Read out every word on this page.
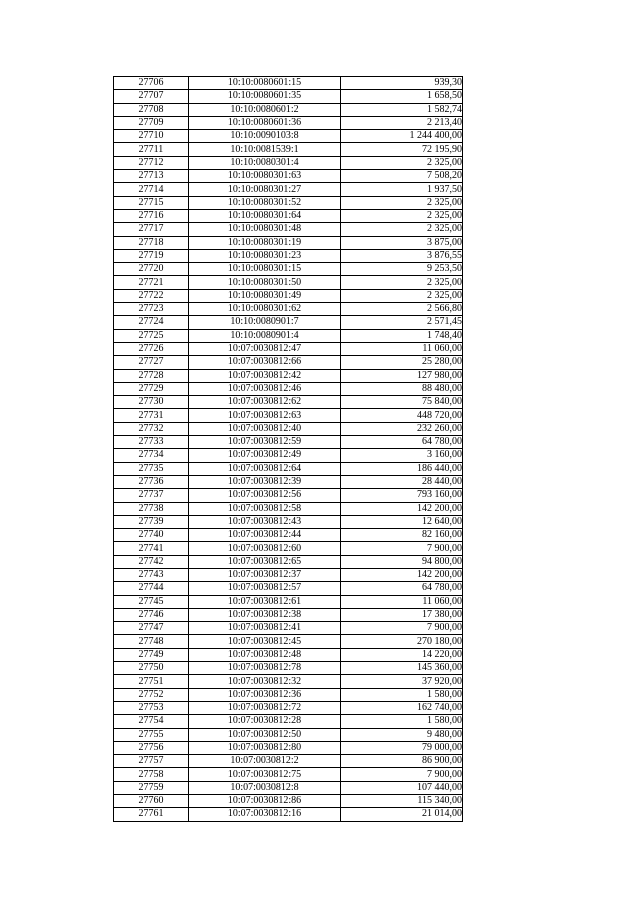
27706	10:10:0080601:15	939,30
27707	10:10:0080601:35	1 658,50
27708	10:10:0080601:2	1 582,74
27709	10:10:0080601:36	2 213,40
27710	10:10:0090103:8	1 244 400,00
27711	10:10:0081539:1	72 195,90
27712	10:10:0080301:4	2 325,00
27713	10:10:0080301:63	7 508,20
27714	10:10:0080301:27	1 937,50
27715	10:10:0080301:52	2 325,00
27716	10:10:0080301:64	2 325,00
27717	10:10:0080301:48	2 325,00
27718	10:10:0080301:19	3 875,00
27719	10:10:0080301:23	3 876,55
27720	10:10:0080301:15	9 253,50
27721	10:10:0080301:50	2 325,00
27722	10:10:0080301:49	2 325,00
27723	10:10:0080301:62	2 566,80
27724	10:10:0080901:7	2 571,45
27725	10:10:0080901:4	1 748,40
27726	10:07:0030812:47	11 060,00
27727	10:07:0030812:66	25 280,00
27728	10:07:0030812:42	127 980,00
27729	10:07:0030812:46	88 480,00
27730	10:07:0030812:62	75 840,00
27731	10:07:0030812:63	448 720,00
27732	10:07:0030812:40	232 260,00
27733	10:07:0030812:59	64 780,00
27734	10:07:0030812:49	3 160,00
27735	10:07:0030812:64	186 440,00
27736	10:07:0030812:39	28 440,00
27737	10:07:0030812:56	793 160,00
27738	10:07:0030812:58	142 200,00
27739	10:07:0030812:43	12 640,00
27740	10:07:0030812:44	82 160,00
27741	10:07:0030812:60	7 900,00
27742	10:07:0030812:65	94 800,00
27743	10:07:0030812:37	142 200,00
27744	10:07:0030812:57	64 780,00
27745	10:07:0030812:61	11 060,00
27746	10:07:0030812:38	17 380,00
27747	10:07:0030812:41	7 900,00
27748	10:07:0030812:45	270 180,00
27749	10:07:0030812:48	14 220,00
27750	10:07:0030812:78	145 360,00
27751	10:07:0030812:32	37 920,00
27752	10:07:0030812:36	1 580,00
27753	10:07:0030812:72	162 740,00
27754	10:07:0030812:28	1 580,00
27755	10:07:0030812:50	9 480,00
27756	10:07:0030812:80	79 000,00
27757	10:07:0030812:2	86 900,00
27758	10:07:0030812:75	7 900,00
27759	10:07:0030812:8	107 440,00
27760	10:07:0030812:86	115 340,00
27761	10:07:0030812:16	21 014,00
